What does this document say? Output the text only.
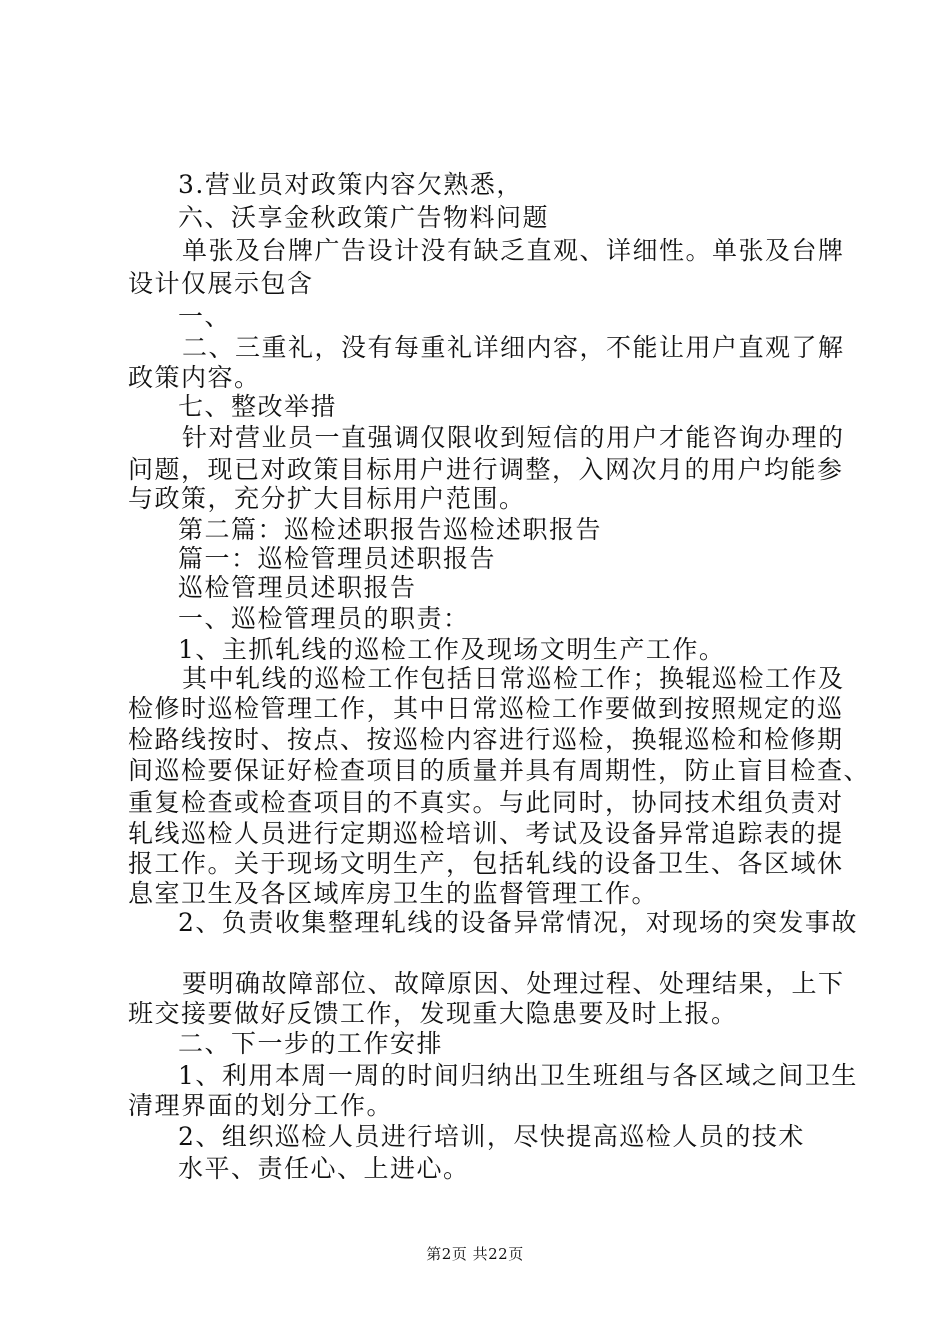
3.营业员对政策内容欠熟悉，
六、沃享金秋政策广告物料问题
单张及台牌广告设计没有缺乏直观、详细性。单张及台牌
设计仅展示包含
一、
二、三重礼，没有每重礼详细内容，不能让用户直观了解
政策内容。
七、整改举措
针对营业员一直强调仅限收到短信的用户才能咨询办理的
问题，现已对政策目标用户进行调整，入网次月的用户均能参
与政策，充分扩大目标用户范围。
第二篇：巡检述职报告巡检述职报告
篇一：巡检管理员述职报告
巡检管理员述职报告
一、巡检管理员的职责：
1、主抓轧线的巡检工作及现场文明生产工作。
其中轧线的巡检工作包括日常巡检工作；换辊巡检工作及
检修时巡检管理工作，其中日常巡检工作要做到按照规定的巡
检路线按时、按点、按巡检内容进行巡检，换辊巡检和检修期
间巡检要保证好检查项目的质量并具有周期性，防止盲目检查、
重复检查或检查项目的不真实。与此同时，协同技术组负责对
轧线巡检人员进行定期巡检培训、考试及设备异常追踪表的提
报工作。关于现场文明生产，包括轧线的设备卫生、各区域休
息室卫生及各区域库房卫生的监督管理工作。
2、负责收集整理轧线的设备异常情况，对现场的突发事故
要明确故障部位、故障原因、处理过程、处理结果，上下
班交接要做好反馈工作，发现重大隐患要及时上报。
二、下一步的工作安排
1、利用本周一周的时间归纳出卫生班组与各区域之间卫生
清理界面的划分工作。
2、组织巡检人员进行培训，尽快提高巡检人员的技术
水平、责任心、上进心。
第2页 共22页
